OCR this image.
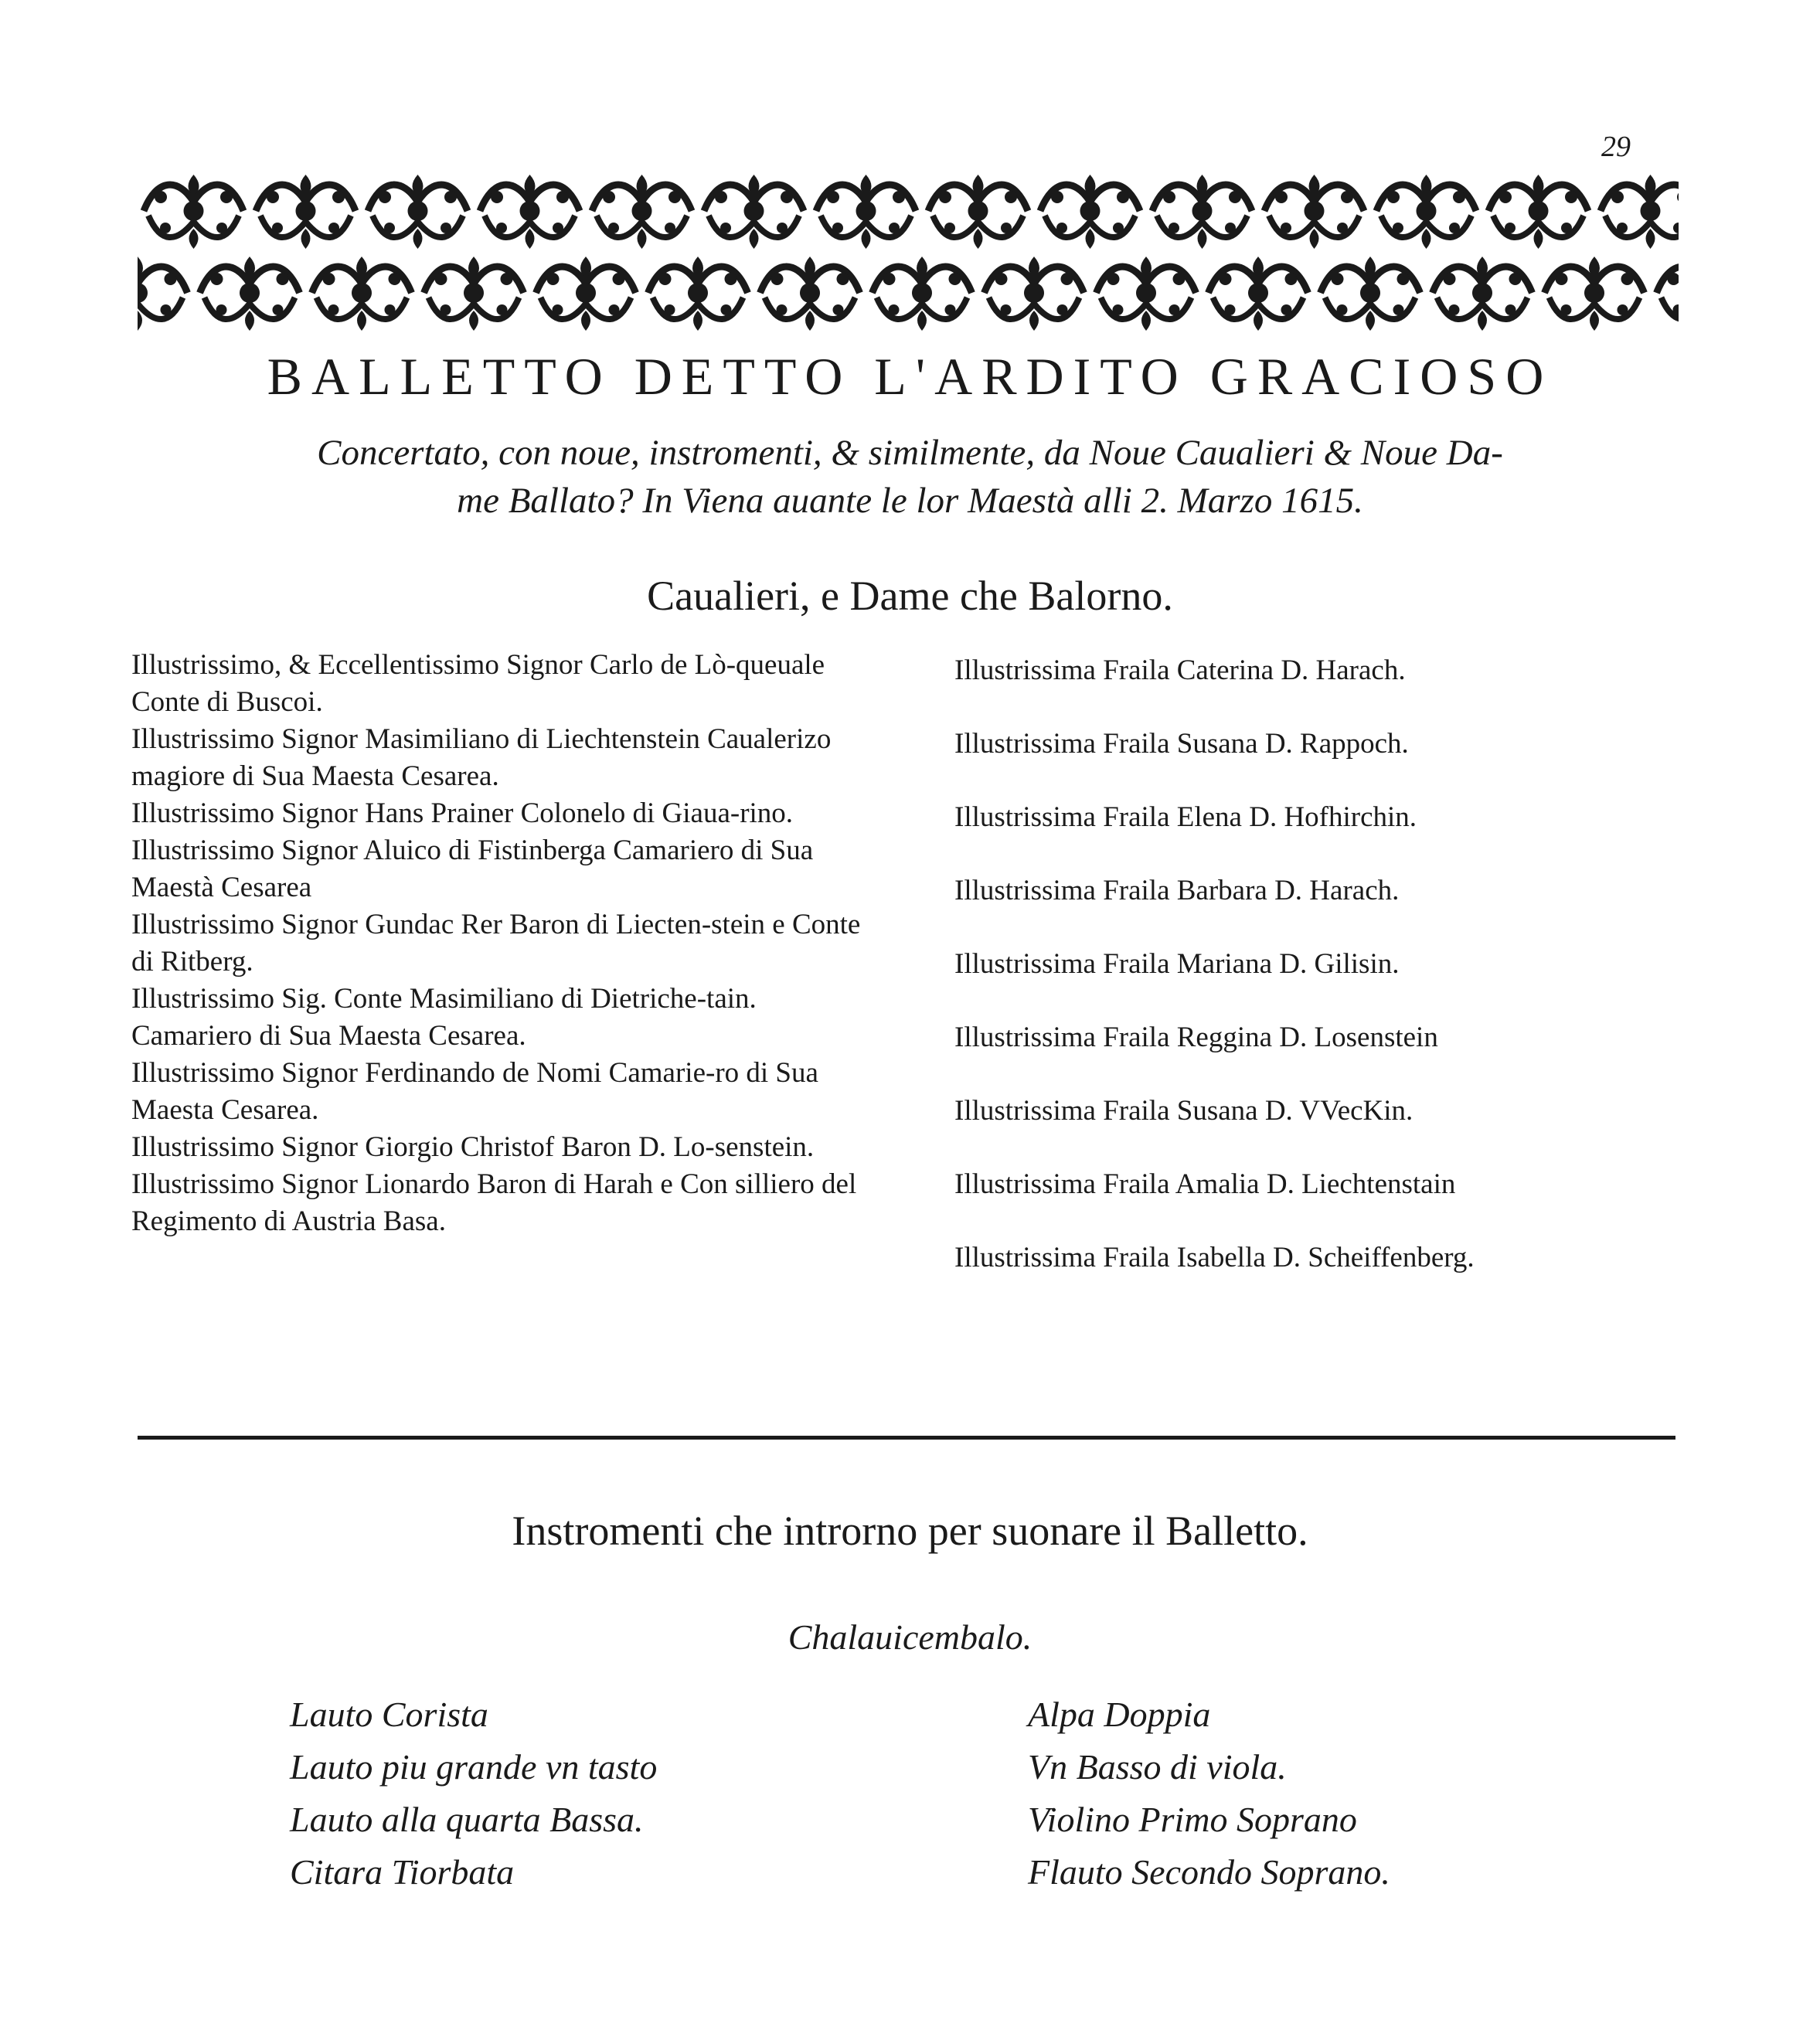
29
BALLETTO DETTO L'ARDITO GRACIOSO
Concertato, con noue, instromenti, & similmente, da Noue Caualieri & Noue Da-
me Ballato? In Viena auante le lor Maestà alli 2. Marzo 1615.
Caualieri, e Dame che Balorno.
Illustrissimo, & Eccellentissimo Signor Carlo de Lò-queuale Conte di Buscoi.
Illustrissimo Signor Masimiliano di Liechtenstein Caualerizo magiore di Sua Maesta Cesarea.
Illustrissimo Signor Hans Prainer Colonelo di Giaua-rino.
Illustrissimo Signor Aluico di Fistinberga Camariero di Sua Maestà Cesarea
Illustrissimo Signor Gundac Rer Baron di Liecten-stein e Conte di Ritberg.
Illustrissimo Sig. Conte Masimiliano di Dietriche-tain. Camariero di Sua Maesta Cesarea.
Illustrissimo Signor Ferdinando de Nomi Camarie-ro di Sua Maesta Cesarea.
Illustrissimo Signor Giorgio Christof Baron D. Lo-senstein.
Illustrissimo Signor Lionardo Baron di Harah e Con silliero del Regimento di Austria Basa.
Illustrissima Fraila Caterina D. Harach.
Illustrissima Fraila Susana D. Rappoch.
Illustrissima Fraila Elena D. Hofhirchin.
Illustrissima Fraila Barbara D. Harach.
Illustrissima Fraila Mariana D. Gilisin.
Illustrissima Fraila Reggina D. Losenstein
Illustrissima Fraila Susana D. VVecKin.
Illustrissima Fraila Amalia D. Liechtenstain
Illustrissima Fraila Isabella D. Scheiffenberg.
Instromenti che introrno per suonare il Balletto.
Chalauicembalo.
Lauto Corista
Lauto piu grande vn tasto
Lauto alla quarta Bassa.
Citara Tiorbata
Alpa Doppia
Vn Basso di viola.
Violino Primo Soprano
Flauto Secondo Soprano.
